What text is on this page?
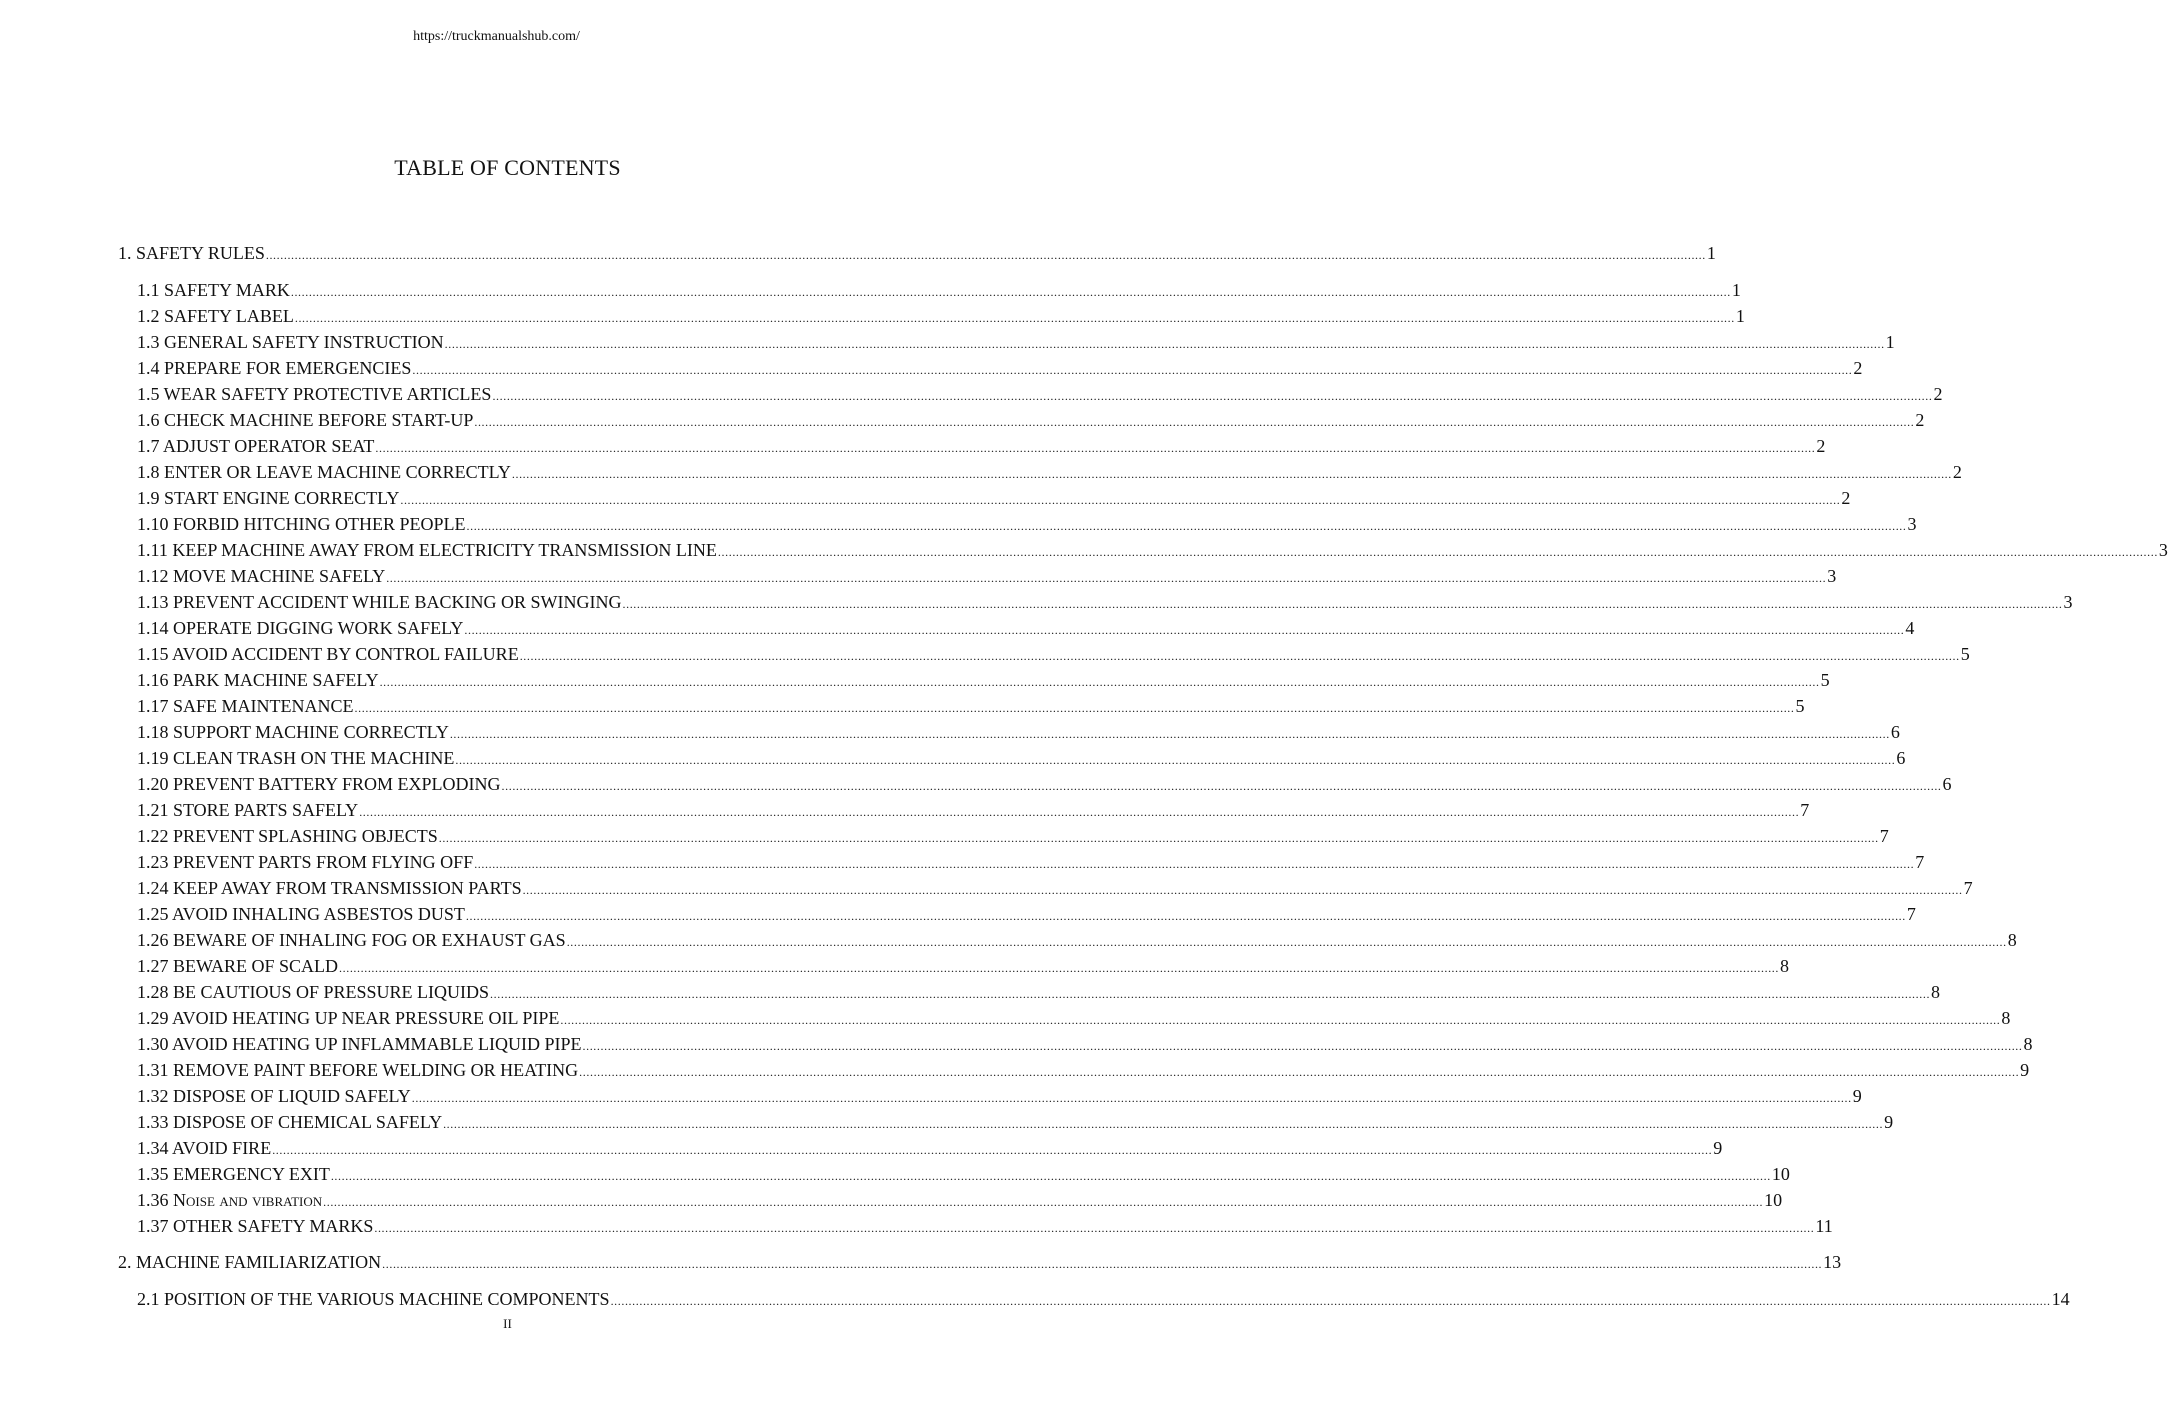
https://truckmanualshub.com/
TABLE OF CONTENTS
1. SAFETY RULES ................................................................................................................................................................................................................................................................................................................................................................................................................ 1
1.1 SAFETY MARK ................................................................................................................................................................................................................................................................................................................................................................................................................ 1
1.2 SAFETY LABEL ................................................................................................................................................................................................................................................................................................................................................................................................................ 1
1.3 GENERAL SAFETY INSTRUCTION ................................................................................................................................................................................................................................................................................................................................................................................................................ 1
1.4 PREPARE FOR EMERGENCIES ................................................................................................................................................................................................................................................................................................................................................................................................................ 2
1.5 WEAR SAFETY PROTECTIVE ARTICLES ................................................................................................................................................................................................................................................................................................................................................................................................................ 2
1.6 CHECK MACHINE BEFORE START-UP ................................................................................................................................................................................................................................................................................................................................................................................................................ 2
1.7 ADJUST OPERATOR SEAT ................................................................................................................................................................................................................................................................................................................................................................................................................ 2
1.8 ENTER OR LEAVE MACHINE CORRECTLY ................................................................................................................................................................................................................................................................................................................................................................................................................ 2
1.9 START ENGINE CORRECTLY ................................................................................................................................................................................................................................................................................................................................................................................................................ 2
1.10 FORBID HITCHING OTHER PEOPLE ................................................................................................................................................................................................................................................................................................................................................................................................................ 3
1.11 KEEP MACHINE AWAY FROM ELECTRICITY TRANSMISSION LINE ................................................................................................................................................................................................................................................................................................................................................................................................................ 3
1.12 MOVE MACHINE SAFELY ................................................................................................................................................................................................................................................................................................................................................................................................................ 3
1.13 PREVENT ACCIDENT WHILE BACKING OR SWINGING ................................................................................................................................................................................................................................................................................................................................................................................................................ 3
1.14 OPERATE DIGGING WORK SAFELY ................................................................................................................................................................................................................................................................................................................................................................................................................ 4
1.15 AVOID ACCIDENT BY CONTROL FAILURE ................................................................................................................................................................................................................................................................................................................................................................................................................ 5
1.16 PARK MACHINE SAFELY ................................................................................................................................................................................................................................................................................................................................................................................................................ 5
1.17 SAFE MAINTENANCE ................................................................................................................................................................................................................................................................................................................................................................................................................ 5
1.18 SUPPORT MACHINE CORRECTLY ................................................................................................................................................................................................................................................................................................................................................................................................................ 6
1.19 CLEAN TRASH ON THE MACHINE ................................................................................................................................................................................................................................................................................................................................................................................................................ 6
1.20 PREVENT BATTERY FROM EXPLODING ................................................................................................................................................................................................................................................................................................................................................................................................................ 6
1.21 STORE PARTS SAFELY ................................................................................................................................................................................................................................................................................................................................................................................................................ 7
1.22 PREVENT SPLASHING OBJECTS ................................................................................................................................................................................................................................................................................................................................................................................................................ 7
1.23 PREVENT PARTS FROM FLYING OFF ................................................................................................................................................................................................................................................................................................................................................................................................................ 7
1.24 KEEP AWAY FROM TRANSMISSION PARTS ................................................................................................................................................................................................................................................................................................................................................................................................................ 7
1.25 AVOID INHALING ASBESTOS DUST ................................................................................................................................................................................................................................................................................................................................................................................................................ 7
1.26 BEWARE OF INHALING FOG OR EXHAUST GAS ................................................................................................................................................................................................................................................................................................................................................................................................................ 8
1.27 BEWARE OF SCALD ................................................................................................................................................................................................................................................................................................................................................................................................................ 8
1.28 BE CAUTIOUS OF PRESSURE LIQUIDS ................................................................................................................................................................................................................................................................................................................................................................................................................ 8
1.29 AVOID HEATING UP NEAR PRESSURE OIL PIPE ................................................................................................................................................................................................................................................................................................................................................................................................................ 8
1.30 AVOID HEATING UP INFLAMMABLE LIQUID PIPE ................................................................................................................................................................................................................................................................................................................................................................................................................ 8
1.31 REMOVE PAINT BEFORE WELDING OR HEATING ................................................................................................................................................................................................................................................................................................................................................................................................................ 9
1.32 DISPOSE OF LIQUID SAFELY ................................................................................................................................................................................................................................................................................................................................................................................................................ 9
1.33 DISPOSE OF CHEMICAL SAFELY ................................................................................................................................................................................................................................................................................................................................................................................................................ 9
1.34 AVOID FIRE ................................................................................................................................................................................................................................................................................................................................................................................................................ 9
1.35 EMERGENCY EXIT ................................................................................................................................................................................................................................................................................................................................................................................................................ 10
1.36 NOISE AND VIBRATION ................................................................................................................................................................................................................................................................................................................................................................................................................ 10
1.37 OTHER SAFETY MARKS ................................................................................................................................................................................................................................................................................................................................................................................................................ 11
2. MACHINE FAMILIARIZATION ................................................................................................................................................................................................................................................................................................................................................................................................................ 13
2.1 POSITION OF THE VARIOUS MACHINE COMPONENTS ................................................................................................................................................................................................................................................................................................................................................................................................................ 14
II
